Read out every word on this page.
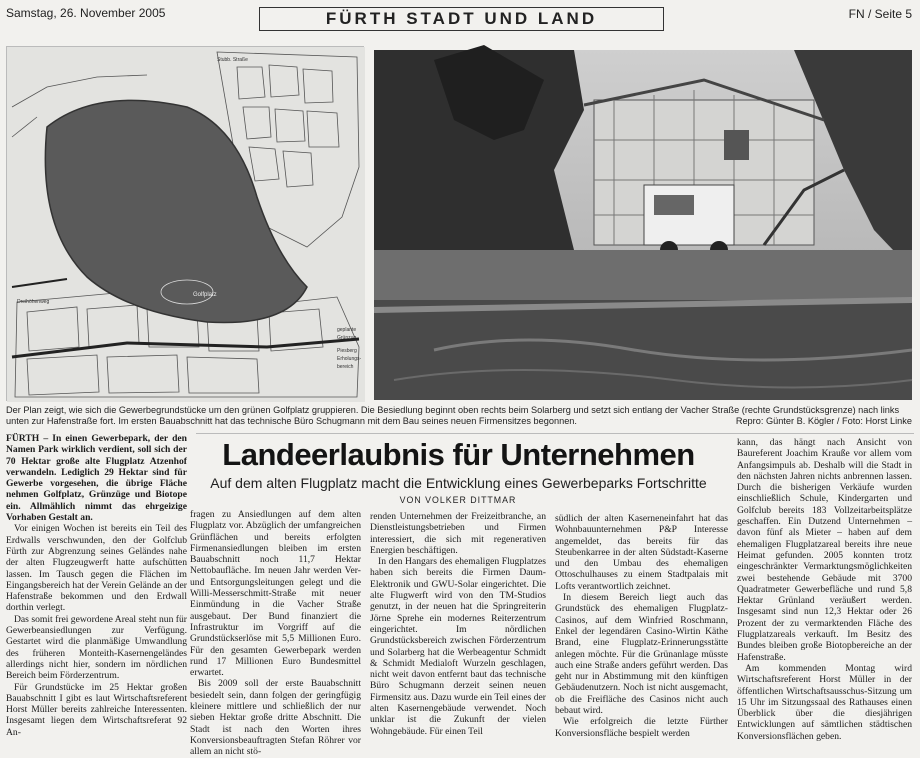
Samstag, 26. November 2005	FÜRTH STADT UND LAND	FN / Seite 5
Golfplatz
Stubb. Straße
geplante
Grünzug
Piesberg
Erholungs-
bereich
Dreihöhenweg
Der Plan zeigt, wie sich die Gewerbegrundstücke um den grünen Golfplatz gruppieren. Die Besiedlung beginnt oben rechts beim Solarberg und setzt sich entlang der Vacher Straße (rechte Grundstücksgrenze) nach links unten zur Hafenstraße fort. Im ersten Bauabschnitt hat das technische Büro Schugmann mit dem Bau seines neuen Firmensitzes begonnen.	Repro: Günter B. Kögler / Foto: Horst Linke
Landeerlaubnis für Unternehmen
Auf dem alten Flugplatz macht die Entwicklung eines Gewerbeparks Fortschritte
VON VOLKER DITTMAR

FÜRTH – In einen Gewerbepark, der den Namen Park wirklich verdient, soll sich der 70 Hektar große alte Flugplatz Atzenhof verwandeln. Lediglich 29 Hektar sind für Gewerbe vorgesehen, die übrige Fläche nehmen Golfplatz, Grünzüge und Biotope ein. Allmählich nimmt das ehrgeizige Vorhaben Gestalt an.

Vor einigen Wochen ist bereits ein Teil des Erdwalls verschwunden, den der Golfclub Fürth zur Abgrenzung seines Geländes nahe der alten Flugzeugwerft hatte aufschütten lassen. Im Tausch gegen die Flächen im Eingangsbereich hat der Verein Gelände an der Hafenstraße bekommen und den Erdwall dorthin verlegt.

Das somit frei gewordene Areal steht nun für Gewerbeansiedlungen zur Verfügung. Gestartet wird die planmäßige Umwandlung des früheren Monteith-Kasernengeländes allerdings nicht hier, sondern im nördlichen Bereich beim Förderzentrum.

Für Grundstücke im 25 Hektar großen Bauabschnitt I gibt es laut Wirtschaftsreferent Horst Müller bereits zahlreiche Interessenten. Insgesamt liegen dem Wirtschaftsreferat 92 An-

fragen zu Ansiedlungen auf dem alten Flugplatz vor. Abzüglich der umfangreichen Grünflächen und bereits erfolgten Firmenansiedlungen bleiben im ersten Bauabschnitt noch 11,7 Hektar Nettobaufläche. Im neuen Jahr werden Ver- und Entsorgungsleitungen gelegt und die Willi-Messerschmitt-Straße mit neuer Einmündung in die Vacher Straße ausgebaut. Der Bund finanziert die Infrastruktur im Vorgriff auf die Grundstückserlöse mit 5,5 Millionen Euro. Für den gesamten Gewerbepark werden rund 17 Millionen Euro Bundesmittel erwartet.

Bis 2009 soll der erste Bauabschnitt besiedelt sein, dann folgen der geringfügig kleinere mittlere und schließlich der nur sieben Hektar große dritte Abschnitt. Die Stadt ist nach den Worten ihres Konversionsbeauftragten Stefan Röhrer vor allem an nicht stö-

renden Unternehmen der Freizeitbranche, an Dienstleistungsbetrieben und Firmen interessiert, die sich mit regenerativen Energien beschäftigen.

In den Hangars des ehemaligen Flugplatzes haben sich bereits die Firmen Daum-Elektronik und GWU-Solar eingerichtet. Die alte Flugwerft wird von den TM-Studios genutzt, in der neuen hat die Springreiterin Jörne Sprehe ein modernes Reiterzentrum eingerichtet. Im nördlichen Grundstücksbereich zwischen Förderzentrum und Solarberg hat die Werbeagentur Schmidt & Schmidt Medialoft Wurzeln geschlagen, nicht weit davon entfernt baut das technische Büro Schugmann derzeit seinen neuen Firmensitz aus. Dazu wurde ein Teil eines der alten Kasernengebäude verwendet. Noch unklar ist die Zukunft der vielen Wohngebäude. Für einen Teil

südlich der alten Kaserneneinfahrt hat das Wohnbauunternehmen P&P Interesse angemeldet, das bereits für das Steubenkarree in der alten Südstadt-Kaserne und den Umbau des ehemaligen Ottoschulhauses zu einem Stadtpalais mit Lofts verantwortlich zeichnet.

In diesem Bereich liegt auch das Grundstück des ehemaligen Flugplatz-Casinos, auf dem Winfried Roschmann, Enkel der legendären Casino-Wirtin Käthe Brand, eine Flugplatz-Erinnerungsstätte anlegen möchte. Für die Grünanlage müsste auch eine Straße anders geführt werden. Das geht nur in Abstimmung mit den künftigen Gebäudenutzern. Noch ist nicht ausgemacht, ob die Freifläche des Casinos nicht auch bebaut wird.

Wie erfolgreich die letzte Fürther Konversionsfläche bespielt werden

kann, das hängt nach Ansicht von Baureferent Joachim Krauße vor allem vom Anfangsimpuls ab. Deshalb will die Stadt in den nächsten Jahren nichts anbrennen lassen. Durch die bisherigen Verkäufe wurden einschließlich Schule, Kindergarten und Golfclub bereits 183 Vollzeitarbeitsplätze geschaffen. Ein Dutzend Unternehmen – davon fünf als Mieter – haben auf dem ehemaligen Flugplatzareal bereits ihre neue Heimat gefunden. 2005 konnten trotz eingeschränkter Vermarktungsmöglichkeiten zwei bestehende Gebäude mit 3700 Quadratmeter Gewerbefläche und rund 5,8 Hektar Grünland veräußert werden. Insgesamt sind nun 12,3 Hektar oder 26 Prozent der zu vermarktenden Fläche des Flugplatzareals verkauft. Im Besitz des Bundes bleiben große Biotopbereiche an der Hafenstraße.

Am kommenden Montag wird Wirtschaftsreferent Horst Müller in der öffentlichen Wirtschaftsausschus-Sitzung um 15 Uhr im Sitzungssaal des Rathauses einen Überblick über die diesjährigen Entwicklungen auf sämtlichen städtischen Konversionsflächen geben.
